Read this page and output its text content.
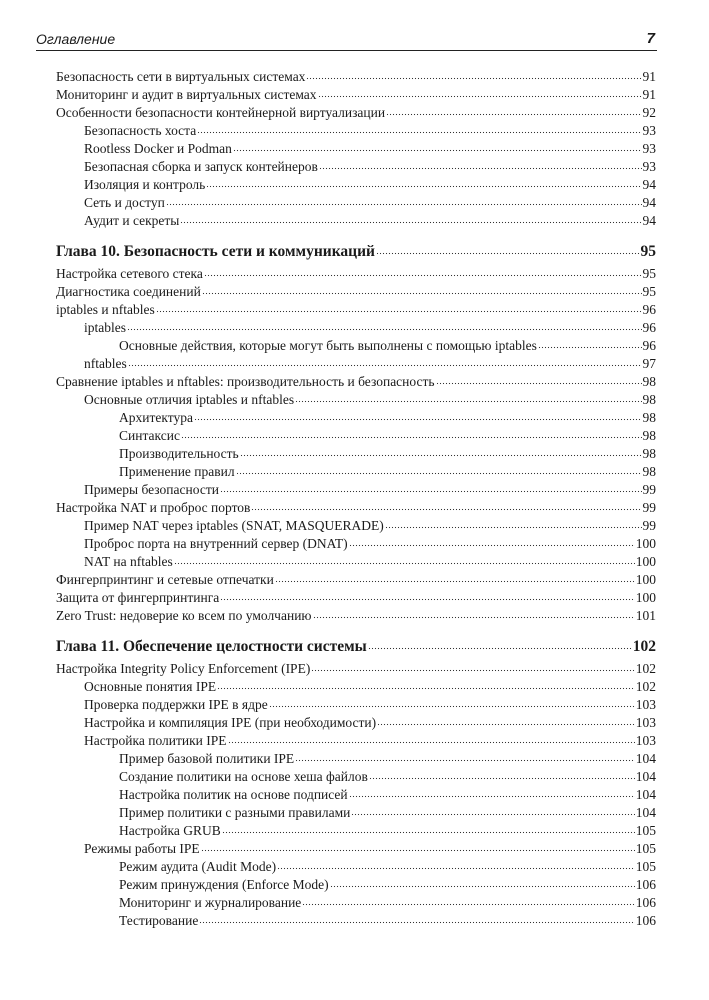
Оглавление	7
Безопасность сети в виртуальных системах	91
Мониторинг и аудит в виртуальных системах	91
Особенности безопасности контейнерной виртуализации	92
Безопасность хоста	93
Rootless Docker и Podman	93
Безопасная сборка и запуск контейнеров	93
Изоляция и контроль	94
Сеть и доступ	94
Аудит и секреты	94
Глава 10. Безопасность сети и коммуникаций	95
Настройка сетевого стека	95
Диагностика соединений	95
iptables и nftables	96
iptables	96
Основные действия, которые могут быть выполнены с помощью iptables	96
nftables	97
Сравнение iptables и nftables: производительность и безопасность	98
Основные отличия iptables и nftables	98
Архитектура	98
Синтаксис	98
Производительность	98
Применение правил	98
Примеры безопасности	99
Настройка NAT и проброс портов	99
Пример NAT через iptables (SNAT, MASQUERADE)	99
Проброс порта на внутренний сервер (DNAT)	100
NAT на nftables	100
Фингерпринтинг и сетевые отпечатки	100
Защита от фингерпринтинга	100
Zero Trust: недоверие ко всем по умолчанию	101
Глава 11. Обеспечение целостности системы	102
Настройка Integrity Policy Enforcement (IPE)	102
Основные понятия IPE	102
Проверка поддержки IPE в ядре	103
Настройка и компиляция IPE (при необходимости)	103
Настройка политики IPE	103
Пример базовой политики IPE	104
Создание политики на основе хеша файлов	104
Настройка политик на основе подписей	104
Пример политики с разными правилами	104
Настройка GRUB	105
Режимы работы IPE	105
Режим аудита (Audit Mode)	105
Режим принуждения (Enforce Mode)	106
Мониторинг и журналирование	106
Тестирование	106
